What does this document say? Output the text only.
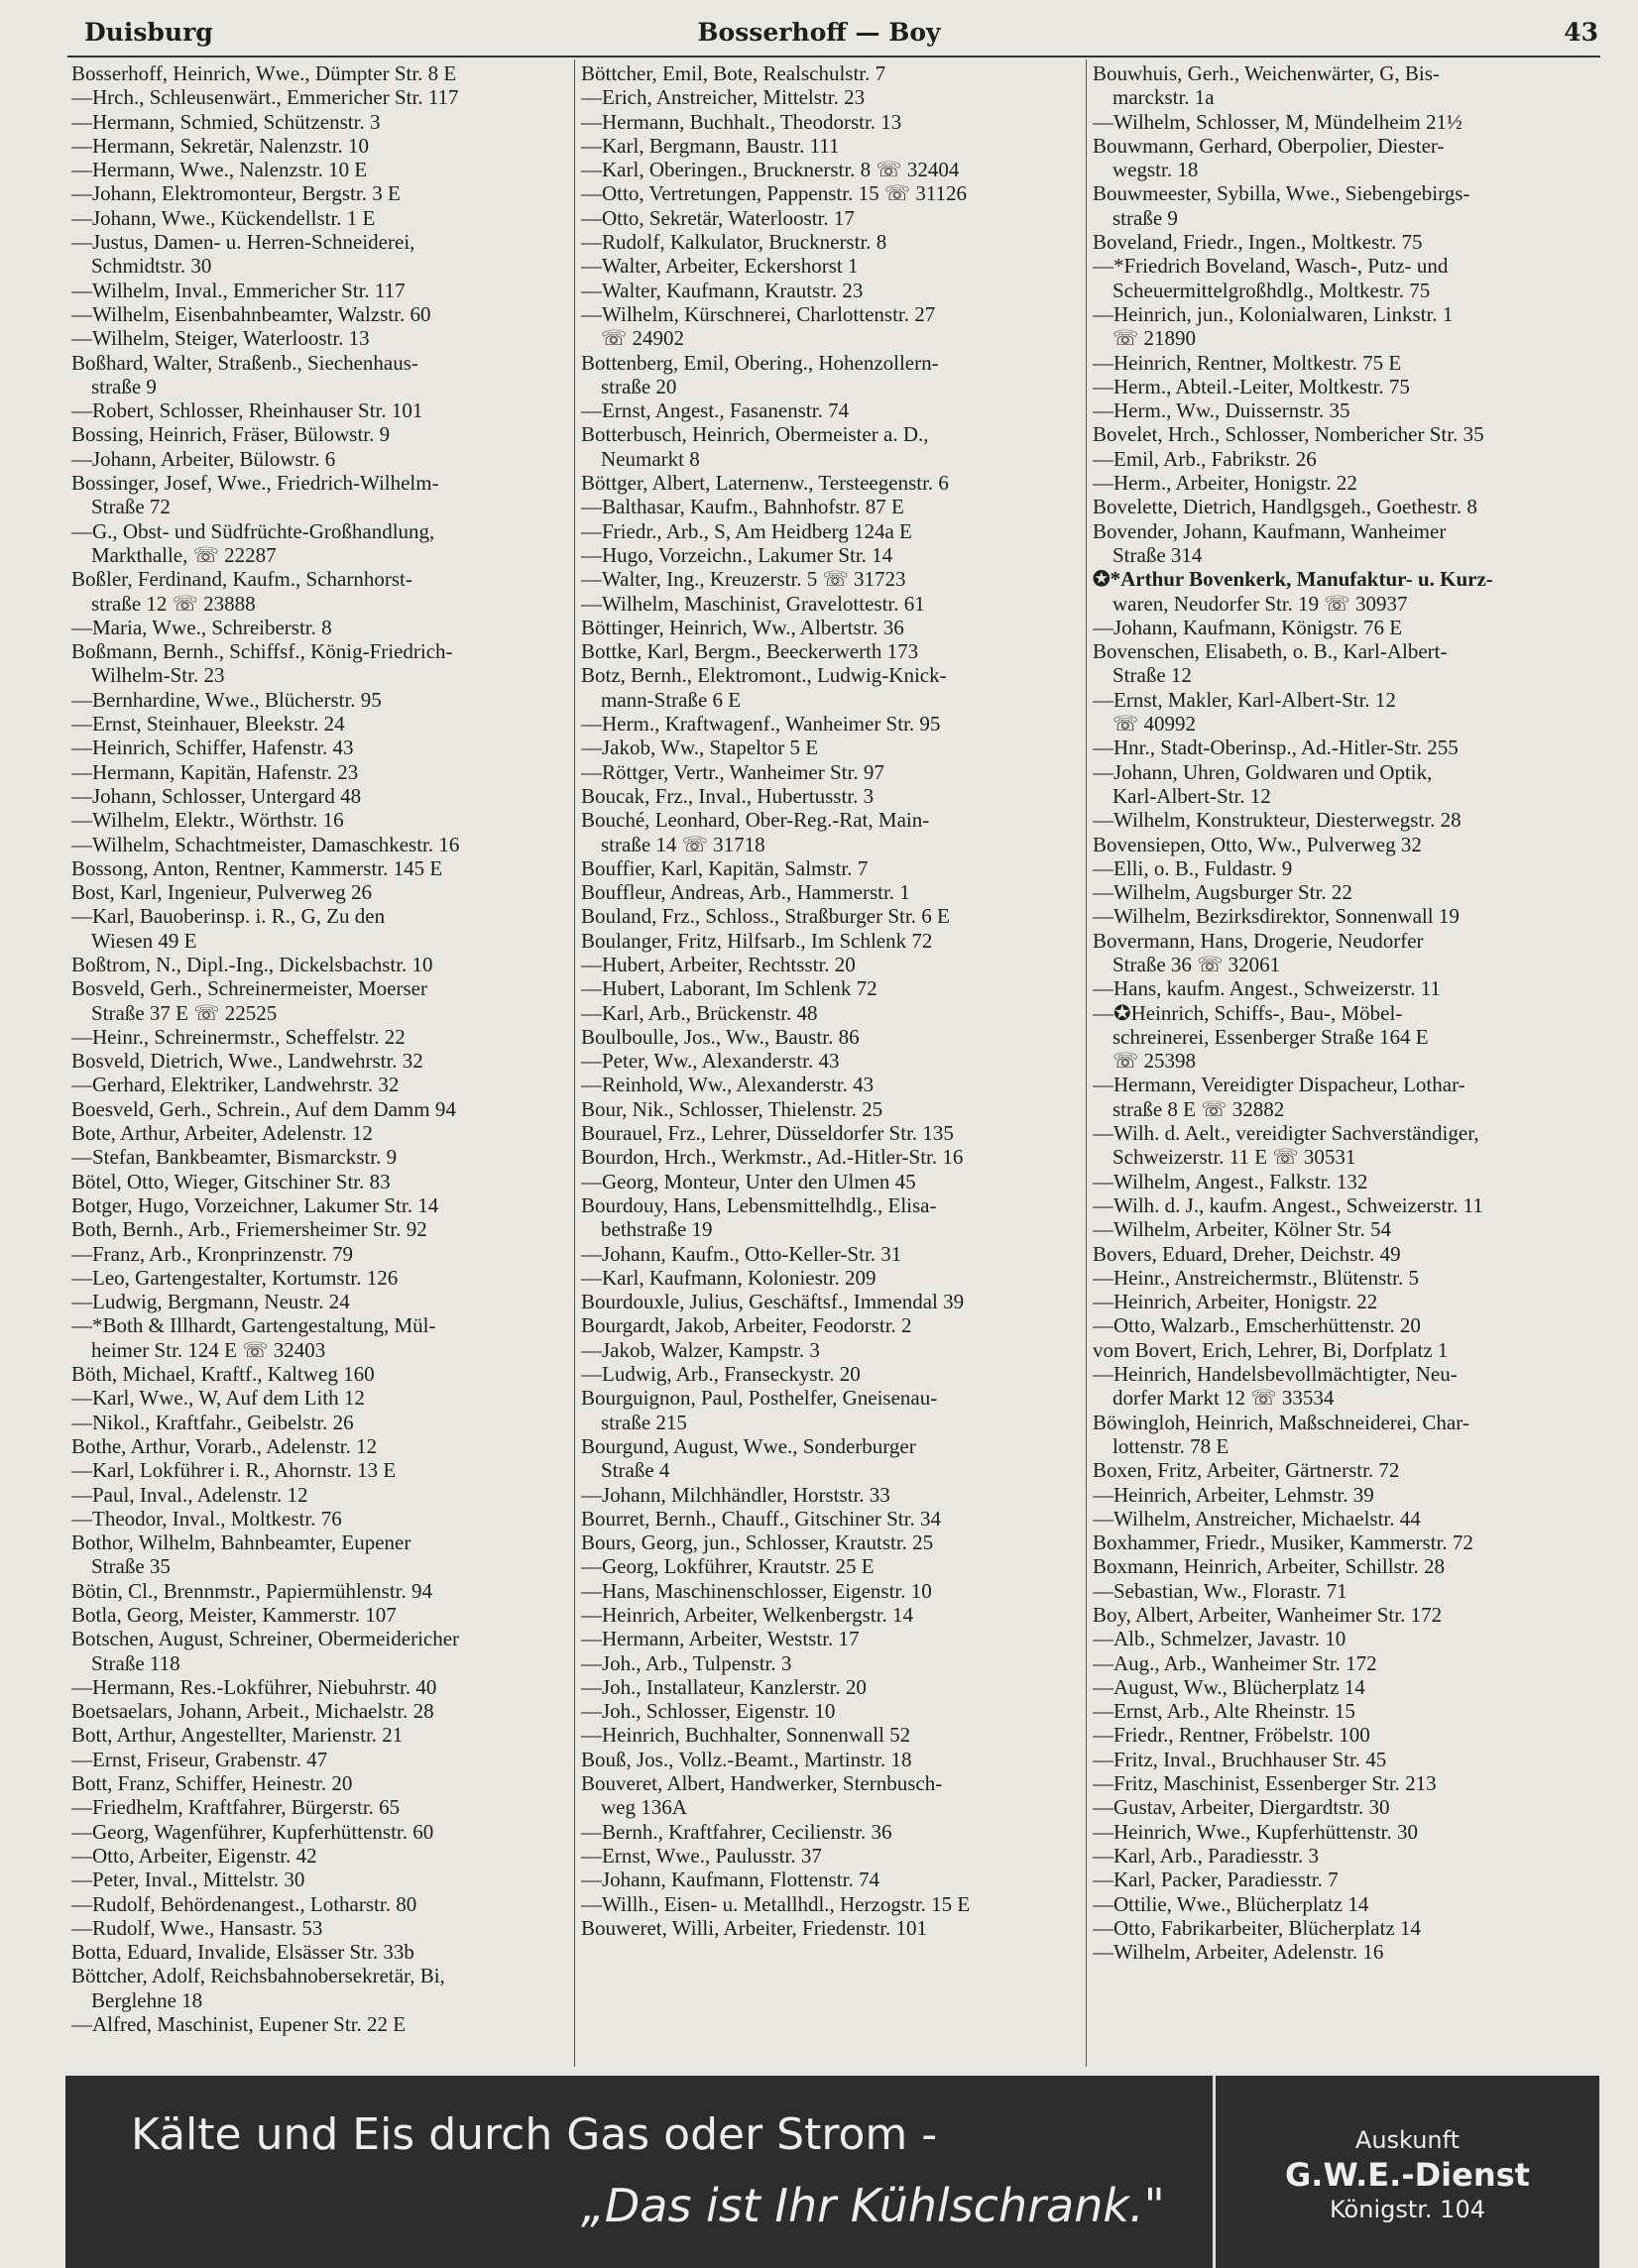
Duisburg	Bosserhoff — Boy	43
Bosserhoff, Heinrich, Wwe., Dümpter Str. 8 E
—Hrch., Schleusenwärt., Emmericher Str. 117
—Hermann, Schmied, Schützenstr. 3
—Hermann, Sekretär, Nalenzstr. 10
—Hermann, Wwe., Nalenzstr. 10 E
—Johann, Elektromonteur, Bergstr. 3 E
—Johann, Wwe., Kückendellstr. 1 E
—Justus, Damen- u. Herren-Schneiderei,
Schmidtstr. 30
—Wilhelm, Inval., Emmericher Str. 117
—Wilhelm, Eisenbahnbeamter, Walzstr. 60
—Wilhelm, Steiger, Waterloostr. 13
Boßhard, Walter, Straßenb., Siechenhaus-
straße 9
—Robert, Schlosser, Rheinhauser Str. 101
Bossing, Heinrich, Fräser, Bülowstr. 9
—Johann, Arbeiter, Bülowstr. 6
Bossinger, Josef, Wwe., Friedrich-Wilhelm-
Straße 72
—G., Obst- und Südfrüchte-Großhandlung,
Markthalle, ☏ 22287
Boßler, Ferdinand, Kaufm., Scharnhorst-
straße 12 ☏ 23888
—Maria, Wwe., Schreiberstr. 8
Boßmann, Bernh., Schiffsf., König-Friedrich-
Wilhelm-Str. 23
—Bernhardine, Wwe., Blücherstr. 95
—Ernst, Steinhauer, Bleekstr. 24
—Heinrich, Schiffer, Hafenstr. 43
—Hermann, Kapitän, Hafenstr. 23
—Johann, Schlosser, Untergard 48
—Wilhelm, Elektr., Wörthstr. 16
—Wilhelm, Schachtmeister, Damaschkestr. 16
Bossong, Anton, Rentner, Kammerstr. 145 E
Bost, Karl, Ingenieur, Pulverweg 26
—Karl, Bauoberinsp. i. R., G, Zu den
Wiesen 49 E
Boßtrom, N., Dipl.-Ing., Dickelsbachstr. 10
Bosveld, Gerh., Schreinermeister, Moerser
Straße 37 E ☏ 22525
—Heinr., Schreinermstr., Scheffelstr. 22
Bosveld, Dietrich, Wwe., Landwehrstr. 32
—Gerhard, Elektriker, Landwehrstr. 32
Boesveld, Gerh., Schrein., Auf dem Damm 94
Bote, Arthur, Arbeiter, Adelenstr. 12
—Stefan, Bankbeamter, Bismarckstr. 9
Bötel, Otto, Wieger, Gitschiner Str. 83
Botger, Hugo, Vorzeichner, Lakumer Str. 14
Both, Bernh., Arb., Friemersheimer Str. 92
—Franz, Arb., Kronprinzenstr. 79
—Leo, Gartengestalter, Kortumstr. 126
—Ludwig, Bergmann, Neustr. 24
—*Both & Illhardt, Gartengestaltung, Mül-
heimer Str. 124 E ☏ 32403
Böth, Michael, Kraftf., Kaltweg 160
—Karl, Wwe., W, Auf dem Lith 12
—Nikol., Kraftfahr., Geibelstr. 26
Bothe, Arthur, Vorarb., Adelenstr. 12
—Karl, Lokführer i. R., Ahornstr. 13 E
—Paul, Inval., Adelenstr. 12
—Theodor, Inval., Moltkestr. 76
Bothor, Wilhelm, Bahnbeamter, Eupener
Straße 35
Bötin, Cl., Brennmstr., Papiermühlenstr. 94
Botla, Georg, Meister, Kammerstr. 107
Botschen, August, Schreiner, Obermeidericher
Straße 118
—Hermann, Res.-Lokführer, Niebuhrstr. 40
Boetsaelars, Johann, Arbeit., Michaelstr. 28
Bott, Arthur, Angestellter, Marienstr. 21
—Ernst, Friseur, Grabenstr. 47
Bott, Franz, Schiffer, Heinestr. 20
—Friedhelm, Kraftfahrer, Bürgerstr. 65
—Georg, Wagenführer, Kupferhüttenstr. 60
—Otto, Arbeiter, Eigenstr. 42
—Peter, Inval., Mittelstr. 30
—Rudolf, Behördenangest., Lotharstr. 80
—Rudolf, Wwe., Hansastr. 53
Botta, Eduard, Invalide, Elsässer Str. 33b
Böttcher, Adolf, Reichsbahnobersekretär, Bi,
Berglehne 18
—Alfred, Maschinist, Eupener Str. 22 E
Böttcher, Emil, Bote, Realschulstr. 7
—Erich, Anstreicher, Mittelstr. 23
—Hermann, Buchhalt., Theodorstr. 13
—Karl, Bergmann, Baustr. 111
—Karl, Oberingen., Brucknerstr. 8 ☏ 32404
—Otto, Vertretungen, Pappenstr. 15 ☏ 31126
—Otto, Sekretär, Waterloostr. 17
—Rudolf, Kalkulator, Brucknerstr. 8
—Walter, Arbeiter, Eckershorst 1
—Walter, Kaufmann, Krautstr. 23
—Wilhelm, Kürschnerei, Charlottenstr. 27
☏ 24902
Bottenberg, Emil, Obering., Hohenzollern-
straße 20
—Ernst, Angest., Fasanenstr. 74
Botterbusch, Heinrich, Obermeister a. D.,
Neumarkt 8
Böttger, Albert, Laternenw., Tersteegenstr. 6
—Balthasar, Kaufm., Bahnhofstr. 87 E
—Friedr., Arb., S, Am Heidberg 124a E
—Hugo, Vorzeichn., Lakumer Str. 14
—Walter, Ing., Kreuzerstr. 5 ☏ 31723
—Wilhelm, Maschinist, Gravelottestr. 61
Böttinger, Heinrich, Ww., Albertstr. 36
Bottke, Karl, Bergm., Beeckerwerth 173
Botz, Bernh., Elektromont., Ludwig-Knick-
mann-Straße 6 E
—Herm., Kraftwagenf., Wanheimer Str. 95
—Jakob, Ww., Stapeltor 5 E
—Röttger, Vertr., Wanheimer Str. 97
Boucak, Frz., Inval., Hubertusstr. 3
Bouché, Leonhard, Ober-Reg.-Rat, Main-
straße 14 ☏ 31718
Bouffier, Karl, Kapitän, Salmstr. 7
Bouffleur, Andreas, Arb., Hammerstr. 1
Bouland, Frz., Schloss., Straßburger Str. 6 E
Boulanger, Fritz, Hilfsarb., Im Schlenk 72
—Hubert, Arbeiter, Rechtsstr. 20
—Hubert, Laborant, Im Schlenk 72
—Karl, Arb., Brückenstr. 48
Boulboulle, Jos., Ww., Baustr. 86
—Peter, Ww., Alexanderstr. 43
—Reinhold, Ww., Alexanderstr. 43
Bour, Nik., Schlosser, Thielenstr. 25
Bourauel, Frz., Lehrer, Düsseldorfer Str. 135
Bourdon, Hrch., Werkmstr., Ad.-Hitler-Str. 16
—Georg, Monteur, Unter den Ulmen 45
Bourdouy, Hans, Lebensmittelhdlg., Elisa-
bethstraße 19
—Johann, Kaufm., Otto-Keller-Str. 31
—Karl, Kaufmann, Koloniestr. 209
Bourdouxle, Julius, Geschäftsf., Immendal 39
Bourgardt, Jakob, Arbeiter, Feodorstr. 2
—Jakob, Walzer, Kampstr. 3
—Ludwig, Arb., Franseckystr. 20
Bourguignon, Paul, Posthelfer, Gneisenau-
straße 215
Bourgund, August, Wwe., Sonderburger
Straße 4
—Johann, Milchhändler, Horststr. 33
Bourret, Bernh., Chauff., Gitschiner Str. 34
Bours, Georg, jun., Schlosser, Krautstr. 25
—Georg, Lokführer, Krautstr. 25 E
—Hans, Maschinenschlosser, Eigenstr. 10
—Heinrich, Arbeiter, Welkenbergstr. 14
—Hermann, Arbeiter, Weststr. 17
—Joh., Arb., Tulpenstr. 3
—Joh., Installateur, Kanzlerstr. 20
—Joh., Schlosser, Eigenstr. 10
—Heinrich, Buchhalter, Sonnenwall 52
Bouß, Jos., Vollz.-Beamt., Martinstr. 18
Bouveret, Albert, Handwerker, Sternbusch-
weg 136A
—Bernh., Kraftfahrer, Cecilienstr. 36
—Ernst, Wwe., Paulusstr. 37
—Johann, Kaufmann, Flottenstr. 74
—Willh., Eisen- u. Metallhdl., Herzogstr. 15 E
Bouweret, Willi, Arbeiter, Friedenstr. 101
Bouwhuis, Gerh., Weichenwärter, G, Bis-
marckstr. 1a
—Wilhelm, Schlosser, M, Mündelheim 21½
Bouwmann, Gerhard, Oberpolier, Diester-
wegstr. 18
Bouwmeester, Sybilla, Wwe., Siebengebirgs-
straße 9
Boveland, Friedr., Ingen., Moltkestr. 75
—*Friedrich Boveland, Wasch-, Putz- und
Scheuermittelgroßhdlg., Moltkestr. 75
—Heinrich, jun., Kolonialwaren, Linkstr. 1
☏ 21890
—Heinrich, Rentner, Moltkestr. 75 E
—Herm., Abteil.-Leiter, Moltkestr. 75
—Herm., Ww., Duissernstr. 35
Bovelet, Hrch., Schlosser, Nombericher Str. 35
—Emil, Arb., Fabrikstr. 26
—Herm., Arbeiter, Honigstr. 22
Bovelette, Dietrich, Handlgsgeh., Goethestr. 8
Bovender, Johann, Kaufmann, Wanheimer
Straße 314
✪*Arthur Bovenkerk, Manufaktur- u. Kurz-
waren, Neudorfer Str. 19 ☏ 30937
—Johann, Kaufmann, Königstr. 76 E
Bovenschen, Elisabeth, o. B., Karl-Albert-
Straße 12
—Ernst, Makler, Karl-Albert-Str. 12
☏ 40992
—Hnr., Stadt-Oberinsp., Ad.-Hitler-Str. 255
—Johann, Uhren, Goldwaren und Optik,
Karl-Albert-Str. 12
—Wilhelm, Konstrukteur, Diesterwegstr. 28
Bovensiepen, Otto, Ww., Pulverweg 32
—Elli, o. B., Fuldastr. 9
—Wilhelm, Augsburger Str. 22
—Wilhelm, Bezirksdirektor, Sonnenwall 19
Bovermann, Hans, Drogerie, Neudorfer
Straße 36 ☏ 32061
—Hans, kaufm. Angest., Schweizerstr. 11
—✪Heinrich, Schiffs-, Bau-, Möbel-
schreinerei, Essenberger Straße 164 E
☏ 25398
—Hermann, Vereidigter Dispacheur, Lothar-
straße 8 E ☏ 32882
—Wilh. d. Aelt., vereidigter Sachverständiger,
Schweizerstr. 11 E ☏ 30531
—Wilhelm, Angest., Falkstr. 132
—Wilh. d. J., kaufm. Angest., Schweizerstr. 11
—Wilhelm, Arbeiter, Kölner Str. 54
Bovers, Eduard, Dreher, Deichstr. 49
—Heinr., Anstreichermstr., Blütenstr. 5
—Heinrich, Arbeiter, Honigstr. 22
—Otto, Walzarb., Emscherhüttenstr. 20
vom Bovert, Erich, Lehrer, Bi, Dorfplatz 1
—Heinrich, Handelsbevollmächtigter, Neu-
dorfer Markt 12 ☏ 33534
Böwingloh, Heinrich, Maßschneiderei, Char-
lottenstr. 78 E
Boxen, Fritz, Arbeiter, Gärtnerstr. 72
—Heinrich, Arbeiter, Lehmstr. 39
—Wilhelm, Anstreicher, Michaelstr. 44
Boxhammer, Friedr., Musiker, Kammerstr. 72
Boxmann, Heinrich, Arbeiter, Schillstr. 28
—Sebastian, Ww., Florastr. 71
Boy, Albert, Arbeiter, Wanheimer Str. 172
—Alb., Schmelzer, Javastr. 10
—Aug., Arb., Wanheimer Str. 172
—August, Ww., Blücherplatz 14
—Ernst, Arb., Alte Rheinstr. 15
—Friedr., Rentner, Fröbelstr. 100
—Fritz, Inval., Bruchhauser Str. 45
—Fritz, Maschinist, Essenberger Str. 213
—Gustav, Arbeiter, Diergardtstr. 30
—Heinrich, Wwe., Kupferhüttenstr. 30
—Karl, Arb., Paradiesstr. 3
—Karl, Packer, Paradiesstr. 7
—Ottilie, Wwe., Blücherplatz 14
—Otto, Fabrikarbeiter, Blücherplatz 14
—Wilhelm, Arbeiter, Adelenstr. 16
Kälte und Eis durch Gas oder Strom -
„Das ist Ihr Kühlschrank."
Auskunft
G.W.E.-Dienst
Königstr. 104
